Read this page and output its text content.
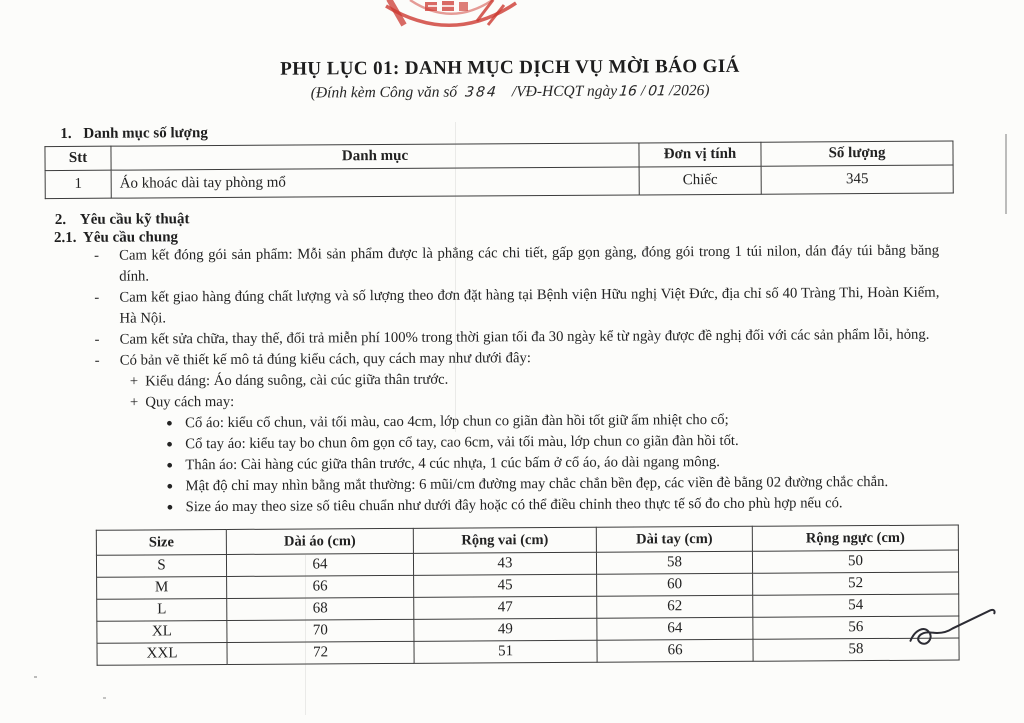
PHỤ LỤC 01: DANH MỤC DỊCH VỤ MỜI BÁO GIÁ
(Đính kèm Công văn số 384 /VĐ-HCQT ngày16 / 01 /2026)
1. Danh mục số lượng
Stt	Danh mục	Đơn vị tính	Số lượng
1	Áo khoác dài tay phòng mổ	Chiếc	345
2. Yêu cầu kỹ thuật
2.1. Yêu cầu chung
-	Cam kết đóng gói sản phẩm: Mỗi sản phẩm được là phẳng các chi tiết, gấp gọn gàng, đóng gói trong 1 túi nilon, dán đáy túi bằng băng dính.
-	Cam kết giao hàng đúng chất lượng và số lượng theo đơn đặt hàng tại Bệnh viện Hữu nghị Việt Đức, địa chỉ số 40 Tràng Thi, Hoàn Kiếm, Hà Nội.
-	Cam kết sửa chữa, thay thế, đổi trả miễn phí 100% trong thời gian tối đa 30 ngày kể từ ngày được đề nghị đối với các sản phẩm lỗi, hỏng.
-	Có bản vẽ thiết kế mô tả đúng kiểu cách, quy cách may như dưới đây:
+ Kiểu dáng: Áo dáng suông, cài cúc giữa thân trước.
+ Quy cách may:
● Cổ áo: kiểu cổ chun, vải tối màu, cao 4cm, lớp chun co giãn đàn hồi tốt giữ ấm nhiệt cho cổ;
● Cổ tay áo: kiểu tay bo chun ôm gọn cổ tay, cao 6cm, vải tối màu, lớp chun co giãn đàn hồi tốt.
● Thân áo: Cài hàng cúc giữa thân trước, 4 cúc nhựa, 1 cúc bấm ở cổ áo, áo dài ngang mông.
● Mật độ chỉ may nhìn bằng mắt thường: 6 mũi/cm đường may chắc chắn bền đẹp, các viền đè bằng 02 đường chắc chắn.
● Size áo may theo size số tiêu chuẩn như dưới đây hoặc có thể điều chỉnh theo thực tế số đo cho phù hợp nếu có.
Size	Dài áo (cm)	Rộng vai (cm)	Dài tay (cm)	Rộng ngực (cm)
S	64	43	58	50
M	66	45	60	52
L	68	47	62	54
XL	70	49	64	56
XXL	72	51	66	58
